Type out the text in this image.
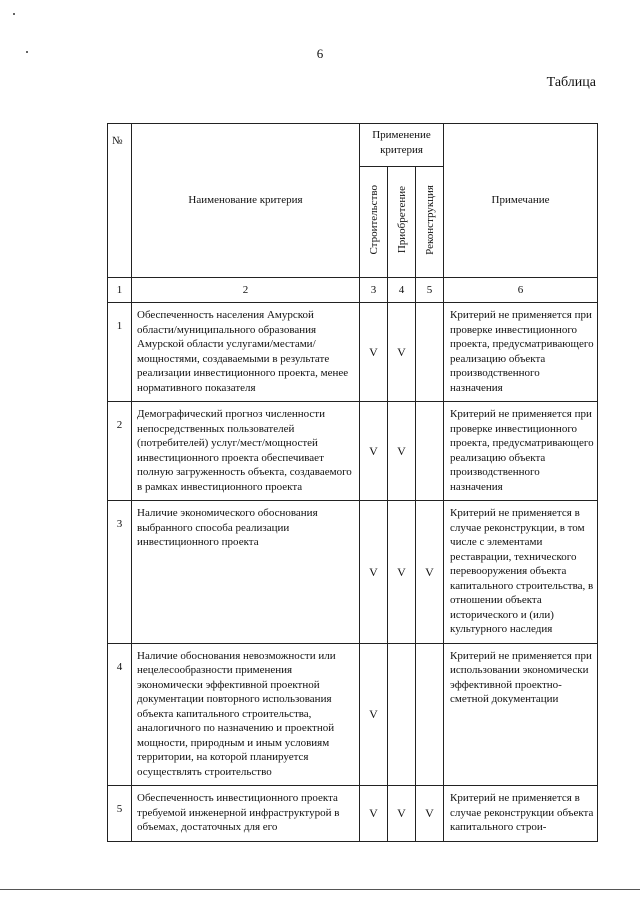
6
Таблица
№	Наименование критерия	Применение критерия			Примечание
		Строительство	Приобретение	Реконструкция	
1	2	3	4	5	6
1	Обеспеченность населения Амурской области/муниципального образования Амурской области услугами/местами/мощностями, создаваемыми в результате реализации инвестиционного проекта, менее нормативного показателя	V	V		Критерий не применяется при проверке инвестиционного проекта, предусматривающего реализацию объекта производственного назначения
2	Демографический прогноз численности непосредственных пользователей (потребителей) услуг/мест/мощностей инвестиционного проекта обеспечивает полную загруженность объекта, создаваемого в рамках инвестиционного проекта	V	V		Критерий не применяется при проверке инвестиционного проекта, предусматривающего реализацию объекта производственного назначения
3	Наличие экономического обоснования выбранного способа реализации инвестиционного проекта	V	V	V	Критерий не применяется в случае реконструкции, в том числе с элементами реставрации, технического перевооружения объекта капитального строительства, в отношении объекта исторического и (или) культурного наследия
4	Наличие обоснования невозможности или нецелесообразности применения экономически эффективной проектной документации повторного использования объекта капитального строительства, аналогичного по назначению и проектной мощности, природным и иным условиям территории, на которой планируется осуществлять строительство	V			Критерий не применяется при использовании экономически эффективной проектно-сметной документации
5	Обеспеченность инвестиционного проекта требуемой инженерной инфраструктурой в объемах, достаточных для его	V	V	V	Критерий не применяется в случае реконструкции объекта капитального строи-
